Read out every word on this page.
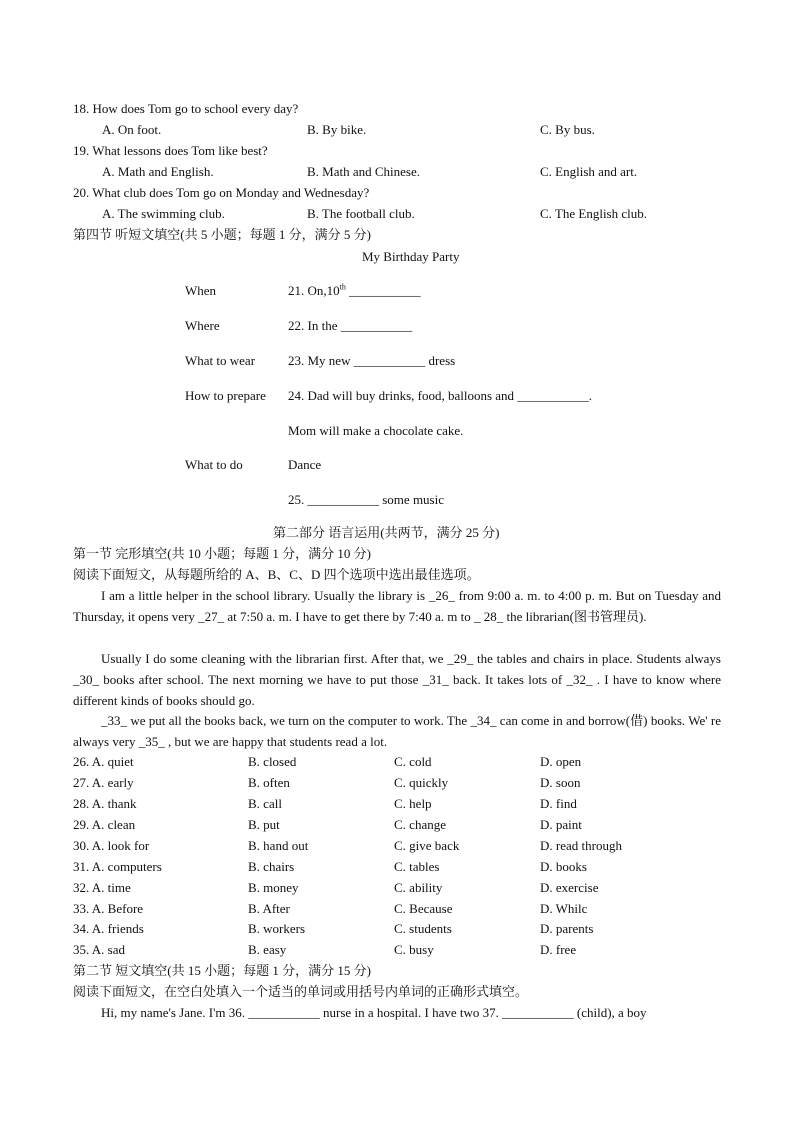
18. How does Tom go to school every day?
A. On foot.	B. By bike.	C. By bus.
19. What lessons does Tom like best?
A. Math and English.	B. Math and Chinese.	C. English and art.
20. What club does Tom go on Monday and Wednesday?
A. The swimming club.	B. The football club.	C. The English club.
第四节 听短文填空(共 5 小题；每题 1 分，满分 5 分)
My Birthday Party
When	21. On,10th ___________
Where	22. In the ___________
What to wear	23. My new ___________ dress
How to prepare 24. Dad will buy drinks, food, balloons and ___________.
Mom will make a chocolate cake.
What to do	Dance
25. ___________ some music
第二部分 语言运用(共两节，满分 25 分)
第一节 完形填空(共 10 小题；每题 1 分，满分 10 分)
阅读下面短文，从每题所给的 A、B、C、D 四个选项中选出最佳选项。
I am a little helper in the school library. Usually the library is _26_ from 9:00 a. m. to 4:00 p. m. But on Tuesday and Thursday, it opens very _27_ at 7:50 a. m. I have to get there by 7:40 a. m to _ 28_ the librarian(图书管理员).
Usually I do some cleaning with the librarian first. After that, we _29_ the tables and chairs in place. Students always _30_ books after school. The next morning we have to put those _31_ back. It takes lots of _32_ . I have to know where different kinds of books should go.
_33_ we put all the books back, we turn on the computer to work. The _34_ can come in and borrow(借) books. We' re always very _35_ , but we are happy that students read a lot.
26. A. quiet	B. closed	C. cold	D. open
27. A. early	B. often	C. quickly	D. soon
28. A. thank	B. call	C. help	D. find
29. A. clean	B. put	C. change	D. paint
30. A. look for	B. hand out	C. give back	D. read through
31. A. computers	B. chairs	C. tables	D. books
32. A. time	B. money	C. ability	D. exercise
33. A. Before	B. After	C. Because	D. Whilc
34. A. friends	B. workers	C. students	D. parents
35. A. sad	B. easy	C. busy	D. free
第二节 短文填空(共 15 小题；每题 1 分，满分 15 分)
阅读下面短文，在空白处填入一个适当的单词或用括号内单词的正确形式填空。
Hi, my name's Jane. I'm 36. ___________ nurse in a hospital. I have two 37. ___________ (child), a boy
